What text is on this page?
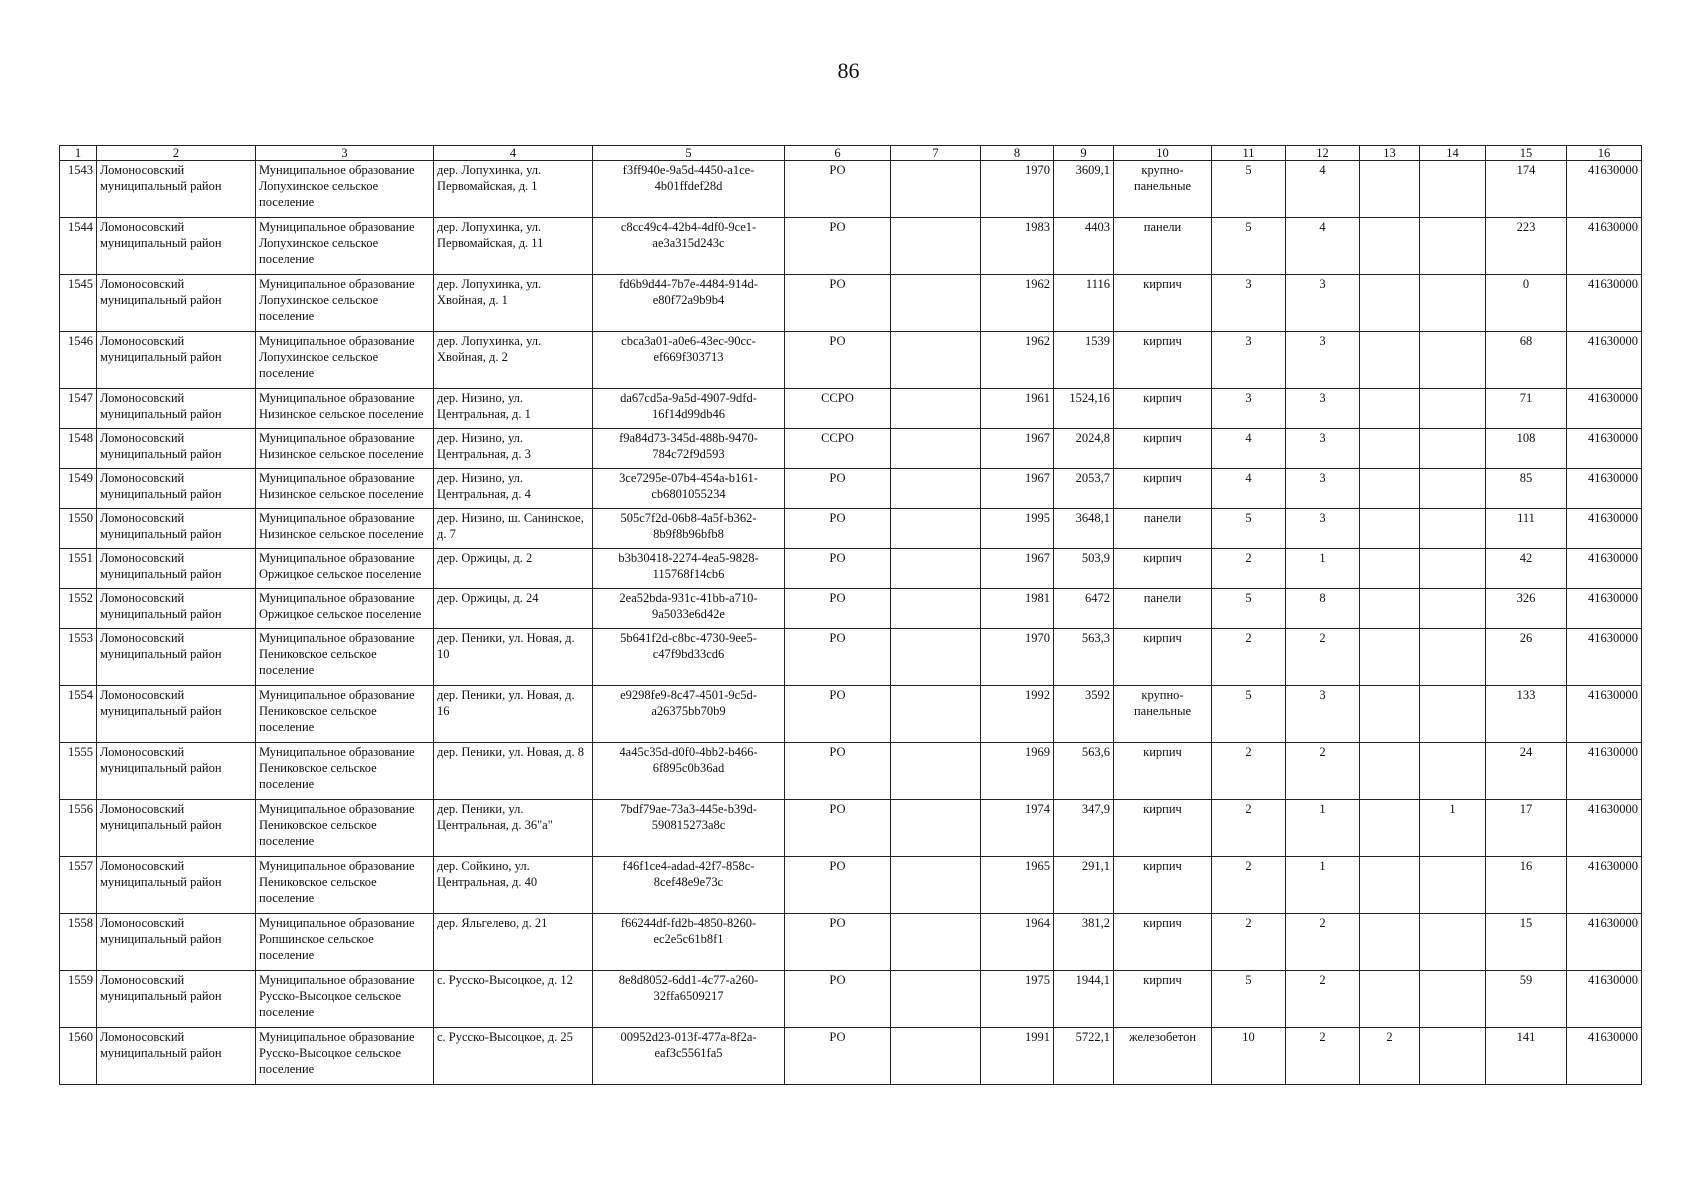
86
1	2	3	4	5	6	7	8	9	10	11	12	13	14	15	16
1543	Ломоносовский муниципальный район	Муниципальное образование Лопухинское сельское поселение	дер. Лопухинка, ул. Первомайская, д. 1	f3ff940e-9a5d-4450-a1ce-4b01ffdef28d	РО		1970	3609,1	крупно-панельные	5	4			174	41630000
1544	Ломоносовский муниципальный район	Муниципальное образование Лопухинское сельское поселение	дер. Лопухинка, ул. Первомайская, д. 11	c8cc49c4-42b4-4df0-9ce1-ae3a315d243c	РО		1983	4403	панели	5	4			223	41630000
1545	Ломоносовский муниципальный район	Муниципальное образование Лопухинское сельское поселение	дер. Лопухинка, ул. Хвойная, д. 1	fd6b9d44-7b7e-4484-914d-e80f72a9b9b4	РО		1962	1116	кирпич	3	3			0	41630000
1546	Ломоносовский муниципальный район	Муниципальное образование Лопухинское сельское поселение	дер. Лопухинка, ул. Хвойная, д. 2	cbca3a01-a0e6-43ec-90cc-ef669f303713	РО		1962	1539	кирпич	3	3			68	41630000
1547	Ломоносовский муниципальный район	Муниципальное образование Низинское сельское поселение	дер. Низино, ул. Центральная, д. 1	da67cd5a-9a5d-4907-9dfd-16f14d99db46	ССРО		1961	1524,16	кирпич	3	3			71	41630000
1548	Ломоносовский муниципальный район	Муниципальное образование Низинское сельское поселение	дер. Низино, ул. Центральная, д. 3	f9a84d73-345d-488b-9470-784c72f9d593	ССРО		1967	2024,8	кирпич	4	3			108	41630000
1549	Ломоносовский муниципальный район	Муниципальное образование Низинское сельское поселение	дер. Низино, ул. Центральная, д. 4	3ce7295e-07b4-454a-b161-cb6801055234	РО		1967	2053,7	кирпич	4	3			85	41630000
1550	Ломоносовский муниципальный район	Муниципальное образование Низинское сельское поселение	дер. Низино, ш. Санинское, д. 7	505c7f2d-06b8-4a5f-b362-8b9f8b96bfb8	РО		1995	3648,1	панели	5	3			111	41630000
1551	Ломоносовский муниципальный район	Муниципальное образование Оржицкое сельское поселение	дер. Оржицы, д. 2	b3b30418-2274-4ea5-9828-115768f14cb6	РО		1967	503,9	кирпич	2	1			42	41630000
1552	Ломоносовский муниципальный район	Муниципальное образование Оржицкое сельское поселение	дер. Оржицы, д. 24	2ea52bda-931c-41bb-a710-9a5033e6d42e	РО		1981	6472	панели	5	8			326	41630000
1553	Ломоносовский муниципальный район	Муниципальное образование Пениковское сельское поселение	дер. Пеники, ул. Новая, д. 10	5b641f2d-c8bc-4730-9ee5-c47f9bd33cd6	РО		1970	563,3	кирпич	2	2			26	41630000
1554	Ломоносовский муниципальный район	Муниципальное образование Пениковское сельское поселение	дер. Пеники, ул. Новая, д. 16	e9298fe9-8c47-4501-9c5d-a26375bb70b9	РО		1992	3592	крупно-панельные	5	3			133	41630000
1555	Ломоносовский муниципальный район	Муниципальное образование Пениковское сельское поселение	дер. Пеники, ул. Новая, д. 8	4a45c35d-d0f0-4bb2-b466-6f895c0b36ad	РО		1969	563,6	кирпич	2	2			24	41630000
1556	Ломоносовский муниципальный район	Муниципальное образование Пениковское сельское поселение	дер. Пеники, ул. Центральная, д. 36"а"	7bdf79ae-73a3-445e-b39d-590815273a8c	РО		1974	347,9	кирпич	2	1		1	17	41630000
1557	Ломоносовский муниципальный район	Муниципальное образование Пениковское сельское поселение	дер. Сойкино, ул. Центральная, д. 40	f46f1ce4-adad-42f7-858c-8cef48e9e73c	РО		1965	291,1	кирпич	2	1			16	41630000
1558	Ломоносовский муниципальный район	Муниципальное образование Ропшинское сельское поселение	дер. Яльгелево, д. 21	f66244df-fd2b-4850-8260-ec2e5c61b8f1	РО		1964	381,2	кирпич	2	2			15	41630000
1559	Ломоносовский муниципальный район	Муниципальное образование Русско-Высоцкое сельское поселение	с. Русско-Высоцкое, д. 12	8e8d8052-6dd1-4c77-a260-32ffa6509217	РО		1975	1944,1	кирпич	5	2			59	41630000
1560	Ломоносовский муниципальный район	Муниципальное образование Русско-Высоцкое сельское поселение	с. Русско-Высоцкое, д. 25	00952d23-013f-477a-8f2a-eaf3c5561fa5	РО		1991	5722,1	железобетон	10	2	2		141	41630000
